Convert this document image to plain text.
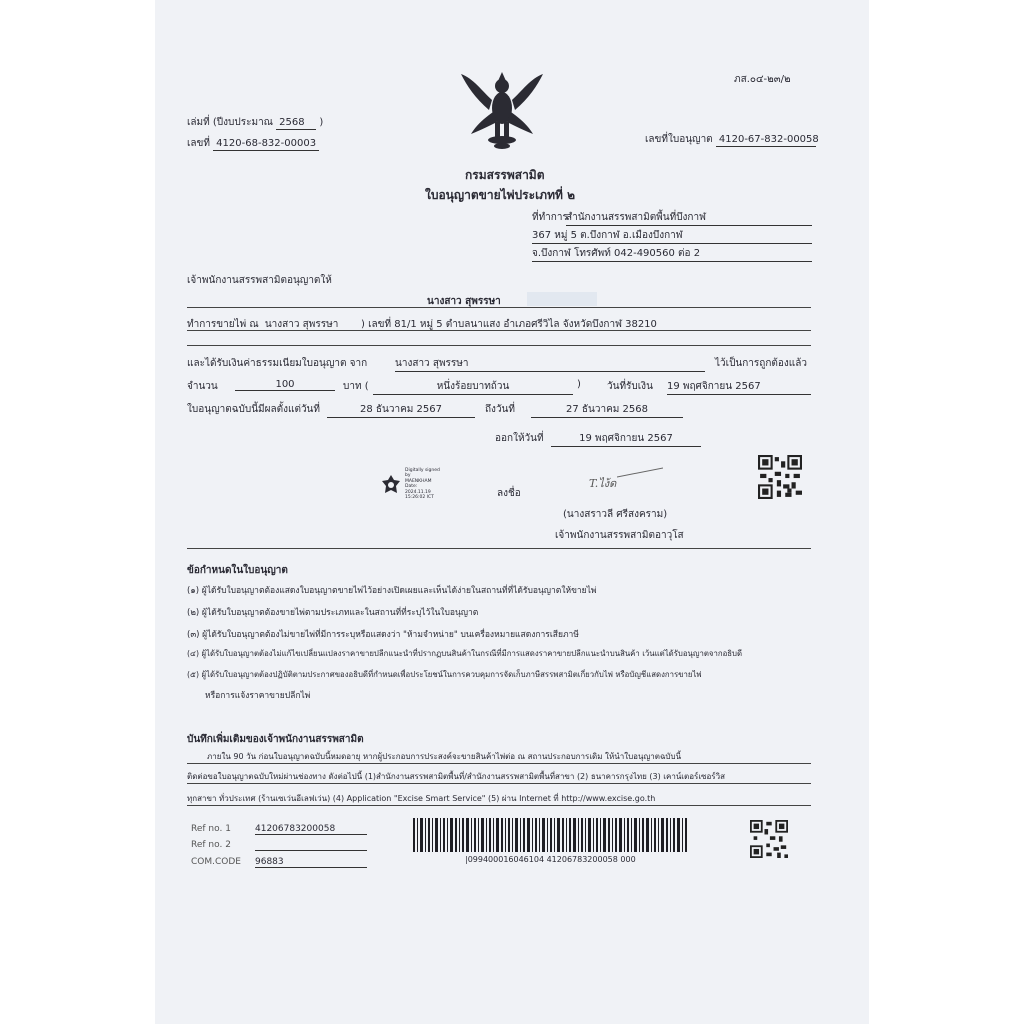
ภส.๐๔-๒๓/๒
เล่มที่ (ปีงบประมาณ 2568 )
เลขที่ 4120-68-832-00003	เลขที่ใบอนุญาต 4120-67-832-00058
กรมสรรพสามิต
ใบอนุญาตขายไพ่ประเภทที่ ๒
ที่ทำการ
สำนักงานสรรพสามิตพื้นที่บึงกาฬ
367 หมู่ 5 ต.บึงกาฬ อ.เมืองบึงกาฬ
จ.บึงกาฬ โทรศัพท์ 042-490560 ต่อ 2
เจ้าพนักงานสรรพสามิตอนุญาตให้
นางสาว สุพรรษา
ทำการขายไพ่ ณ นางสาว สุพรรษา ) เลขที่ 81/1 หมู่ 5 ตำบลนาแสง อำเภอศรีวิไล จังหวัดบึงกาฬ 38210
และได้รับเงินค่าธรรมเนียมใบอนุญาต จาก	นางสาว สุพรรษา	ไว้เป็นการถูกต้องแล้ว
จำนวน	100	บาท (	หนึ่งร้อยบาทถ้วน	)	วันที่รับเงิน 19 พฤศจิกายน 2567
ใบอนุญาตฉบับนี้มีผลตั้งแต่วันที่	28 ธันวาคม 2567	ถึงวันที่	27 ธันวาคม 2568
ออกให้วันที่	19 พฤศจิกายน 2567
Digitally signed
by
MAENKHAM
Date:
2024.11.19
15:26:02 ICT	ลงชื่อ
T.ไง้ด
(นางสราวลี ศรีสงคราม)
เจ้าพนักงานสรรพสามิตอาวุโส
ข้อกำหนดในใบอนุญาต
(๑) ผู้ได้รับใบอนุญาตต้องแสดงใบอนุญาตขายไพ่ไว้อย่างเปิดเผยและเห็นได้ง่ายในสถานที่ที่ได้รับอนุญาตให้ขายไพ่
(๒) ผู้ได้รับใบอนุญาตต้องขายไพ่ตามประเภทและในสถานที่ที่ระบุไว้ในใบอนุญาต
(๓) ผู้ได้รับใบอนุญาตต้องไม่ขายไพ่ที่มีการระบุหรือแสดงว่า "ห้ามจำหน่าย" บนเครื่องหมายแสดงการเสียภาษี
(๔) ผู้ได้รับใบอนุญาตต้องไม่แก้ไขเปลี่ยนแปลงราคาขายปลีกแนะนำที่ปรากฏบนสินค้าในกรณีที่มีการแสดงราคาขายปลีกแนะนำบนสินค้า เว้นแต่ได้รับอนุญาตจากอธิบดี
(๕) ผู้ได้รับใบอนุญาตต้องปฏิบัติตามประกาศของอธิบดีที่กำหนดเพื่อประโยชน์ในการควบคุมการจัดเก็บภาษีสรรพสามิตเกี่ยวกับไพ่ หรือบัญชีแสดงการขายไพ่
หรือการแจ้งราคาขายปลีกไพ่
บันทึกเพิ่มเติมของเจ้าพนักงานสรรพสามิต
ภายใน 90 วัน ก่อนใบอนุญาตฉบับนี้หมดอายุ หากผู้ประกอบการประสงค์จะขายสินค้าไพ่ต่อ ณ สถานประกอบการเดิม ให้นำใบอนุญาตฉบับนี้
ติดต่อขอใบอนุญาตฉบับใหม่ผ่านช่องทาง ดังต่อไปนี้ (1)สำนักงานสรรพสามิตพื้นที่/สำนักงานสรรพสามิตพื้นที่สาขา (2) ธนาคารกรุงไทย (3) เคาน์เตอร์เซอร์วิส
ทุกสาขา ทั่วประเทศ (ร้านเซเว่นอีเลฟเว่น) (4) Application "Excise Smart Service" (5) ผ่าน Internet ที่ http://www.excise.go.th
Ref no. 1	41206783200058
Ref no. 2
COM.CODE 96883	|09940001604610​4 41206783200058 000
